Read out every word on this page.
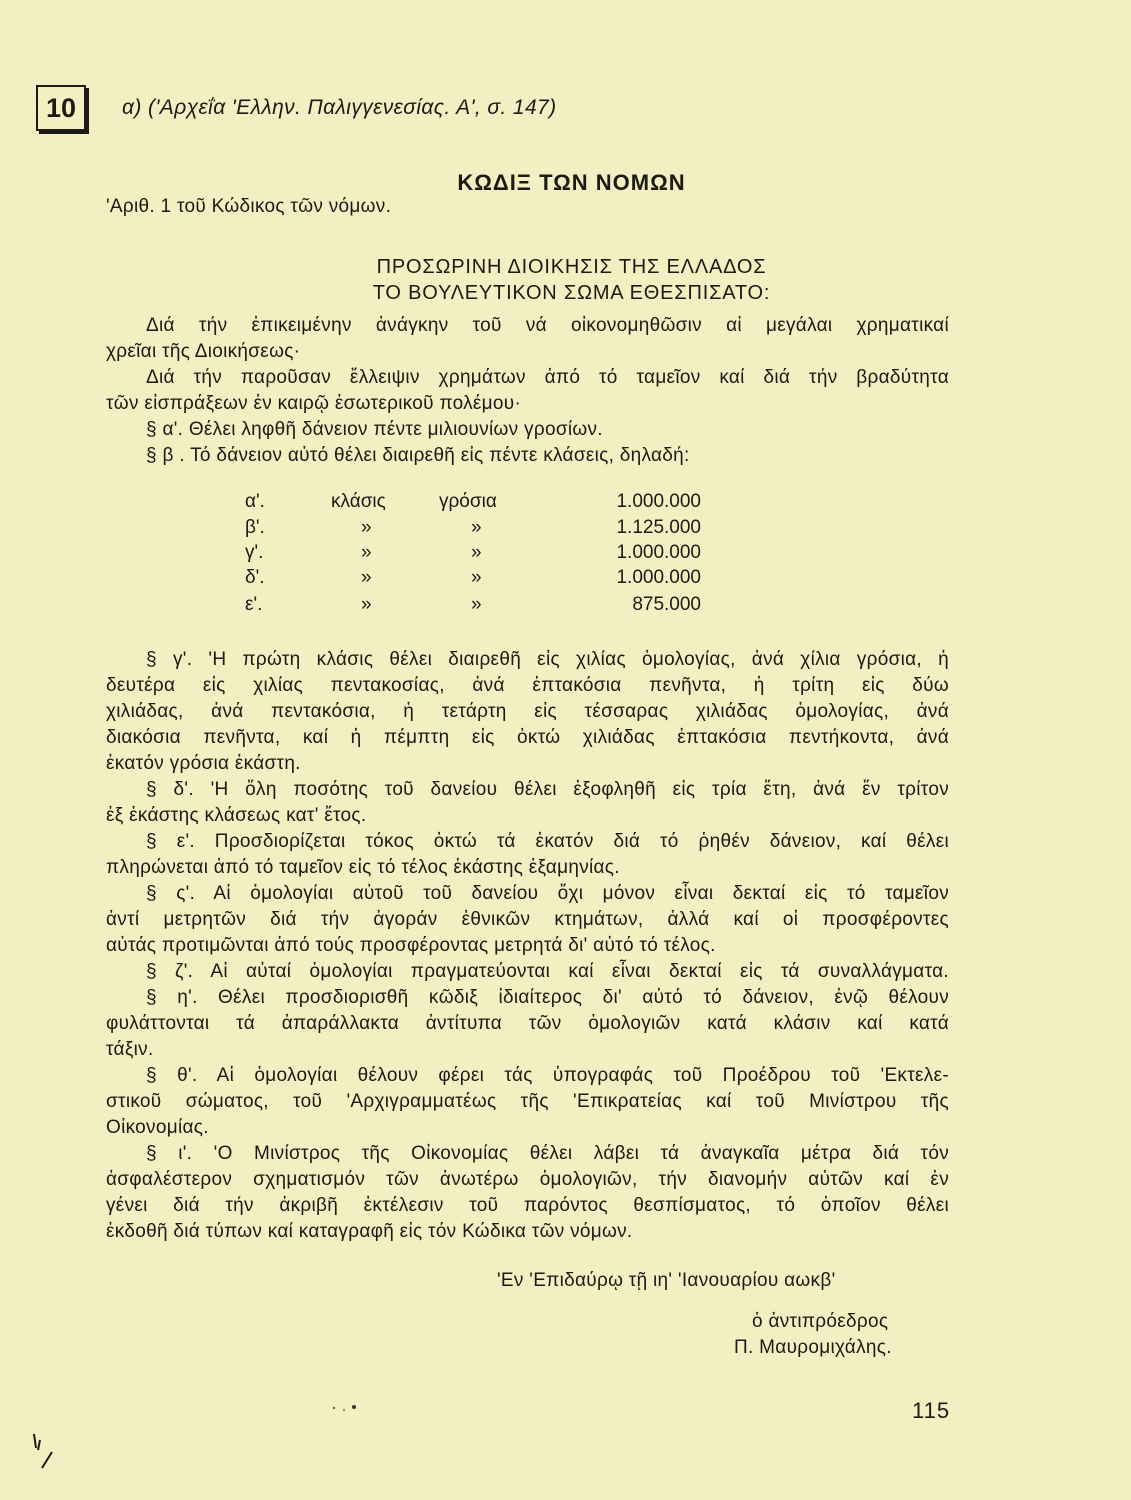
10	α) ('Αρχεΐα 'Ελλην. Παλιγγενεσίας. Α', σ. 147)
ΚΩΔΙΞ ΤΩΝ ΝΟΜΩΝ
'Αριθ. 1 τοῦ Κώδικος τῶν νόμων.
ΠΡΟΣΩΡΙΝΗ ΔΙΟΙΚΗΣΙΣ ΤΗΣ ΕΛΛΑΔΟΣ
ΤΟ ΒΟΥΛΕΥΤΙΚΟΝ ΣΩΜΑ ΕΘΕΣΠΙΣΑΤΟ:
Διά τήν ἐπικειμένην ἀνάγκην τοῦ νά οἰκονομηθῶσιν αἱ μεγάλαι χρηματικαί
χρεῖαι τῆς Διοικήσεως·
Διά τήν παροῦσαν ἔλλειψιν χρημάτων ἀπό τό ταμεῖον καί διά τήν βραδύτητα
τῶν εἰσπράξεων ἐν καιρῷ ἐσωτερικοῦ πολέμου·
§ α'. Θέλει ληφθῆ δάνειον πέντε μιλιουνίων γροσίων.
§ β . Τό δάνειον αὐτό θέλει διαιρεθῆ εἰς πέντε κλάσεις, δηλαδή:
α'.	κλάσις	γρόσια	1.000.000
β'.	»	»	1.125.000
γ'.	»	»	1.000.000
δ'.	»	»	1.000.000
ε'.	»	»	875.000
§ γ'. 'Η πρώτη κλάσις θέλει διαιρεθῆ εἰς χιλίας ὁμολογίας, ἀνά χίλια γρόσια, ἡ
δευτέρα εἰς χιλίας πεντακοσίας, ἀνά ἑπτακόσια πενῆντα, ἡ τρίτη εἰς δύω
χιλιάδας, ἀνά πεντακόσια, ἡ τετάρτη εἰς τέσσαρας χιλιάδας ὁμολογίας, ἀνά
διακόσια πενῆντα, καί ἡ πέμπτη εἰς ὀκτώ χιλιάδας ἑπτακόσια πεντήκοντα, ἀνά
ἑκατόν γρόσια ἑκάστη.
§ δ'. 'Η ὅλη ποσότης τοῦ δανείου θέλει ἐξοφληθῆ εἰς τρία ἔτη, ἀνά ἕν τρίτον
ἐξ ἑκάστης κλάσεως κατ' ἔτος.
§ ε'. Προσδιορίζεται τόκος ὀκτώ τά ἑκατόν διά τό ῥηθέν δάνειον, καί θέλει
πληρώνεται ἀπό τό ταμεῖον εἰς τό τέλος ἑκάστης ἑξαμηνίας.
§ ς'. Αἱ ὁμολογίαι αὐτοῦ τοῦ δανείου ὄχι μόνον εἶναι δεκταί εἰς τό ταμεῖον
ἀντί μετρητῶν διά τήν ἀγοράν ἐθνικῶν κτημάτων, ἀλλά καί οἱ προσφέροντες
αὐτάς προτιμῶνται ἀπό τούς προσφέροντας μετρητά δι' αὐτό τό τέλος.
§ ζ'. Αἱ αὐταί ὁμολογίαι πραγματεύονται καί εἶναι δεκταί εἰς τά συναλλάγματα.
§ η'. Θέλει προσδιορισθῆ κῶδιξ ἰδιαίτερος δι' αὐτό τό δάνειον, ἐνῷ θέλουν
φυλάττονται τά ἀπαράλλακτα ἀντίτυπα τῶν ὁμολογιῶν κατά κλάσιν καί κατά
τάξιν.
§ θ'. Αἱ ὁμολογίαι θέλουν φέρει τάς ὑπογραφάς τοῦ Προέδρου τοῦ 'Εκτελε-
στικοῦ σώματος, τοῦ 'Αρχιγραμματέως τῆς 'Επικρατείας καί τοῦ Μινίστρου τῆς
Οἰκονομίας.
§ ι'. 'Ο Μινίστρος τῆς Οἰκονομίας θέλει λάβει τά ἀναγκαῖα μέτρα διά τόν
ἀσφαλέστερον σχηματισμόν τῶν ἀνωτέρω ὁμολογιῶν, τήν διανομήν αὐτῶν καί ἐν
γένει διά τήν ἀκριβῆ ἐκτέλεσιν τοῦ παρόντος θεσπίσματος, τό ὁποῖον θέλει
ἐκδοθῆ διά τύπων καί καταγραφῆ εἰς τόν Κώδικα τῶν νόμων.
'Εν 'Επιδαύρῳ τῇ ιη' 'Ιανουαρίου αωκβ'
ὁ ἀντιπρόεδρος
Π. Μαυρομιχάλης.
115
